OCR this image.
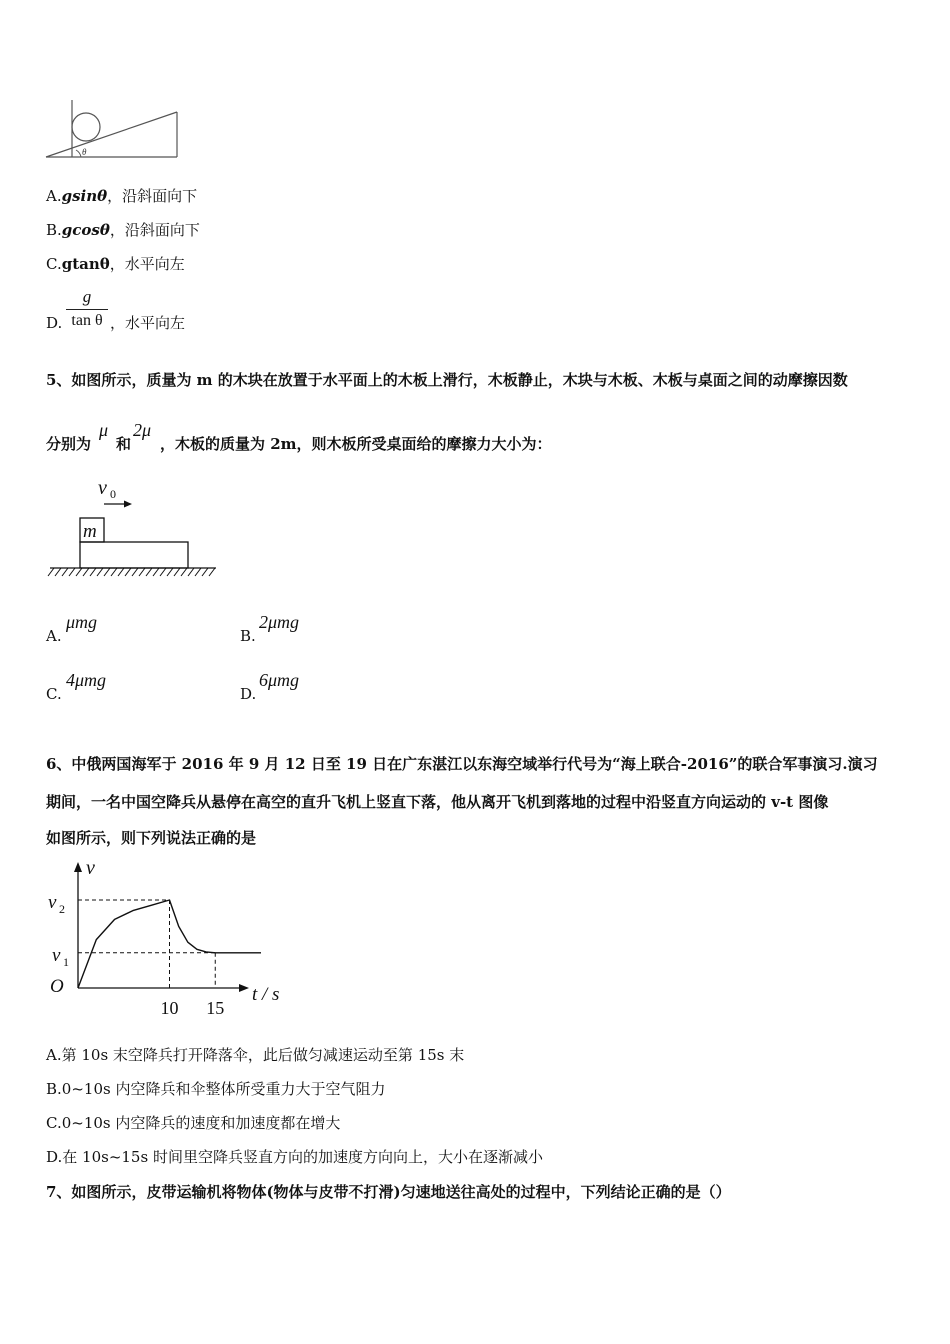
θ
A.gsinθ，沿斜面向下
B.gcosθ，沿斜面向下
C.gtanθ，水平向左
D.
g
tan θ ，水平向左
5、如图所示，质量为 m 的木块在放置于水平面上的木板上滑行，木板静止，木块与木板、木板与桌面之间的动摩擦因数
分别为
μ
和
2μ
，木板的质量为 2m，则木板所受桌面给的摩擦力大小为：
v 0
m
A.
μmg
B.
2μmg
C.
4μmg
D.
6μmg
6、中俄两国海军于 2016 年 9 月 12 日至 19 日在广东湛江以东海空域举行代号为“海上联合-2016”的联合军事演习.演习
期间，一名中国空降兵从悬停在高空的直升飞机上竖直下落，他从离开飞机到落地的过程中沿竖直方向运动的 v-t 图像
如图所示，则下列说法正确的是
v
t / s
O
v 2
v 1
10 15
A.第 10s 末空降兵打开降落伞，此后做匀减速运动至第 15s 末
B.0~10s 内空降兵和伞整体所受重力大于空气阻力
C.0~10s 内空降兵的速度和加速度都在增大
D.在 10s~15s 时间里空降兵竖直方向的加速度方向向上，大小在逐渐减小
7、如图所示，皮带运输机将物体(物体与皮带不打滑)匀速地送往高处的过程中，下列结论正确的是（）
